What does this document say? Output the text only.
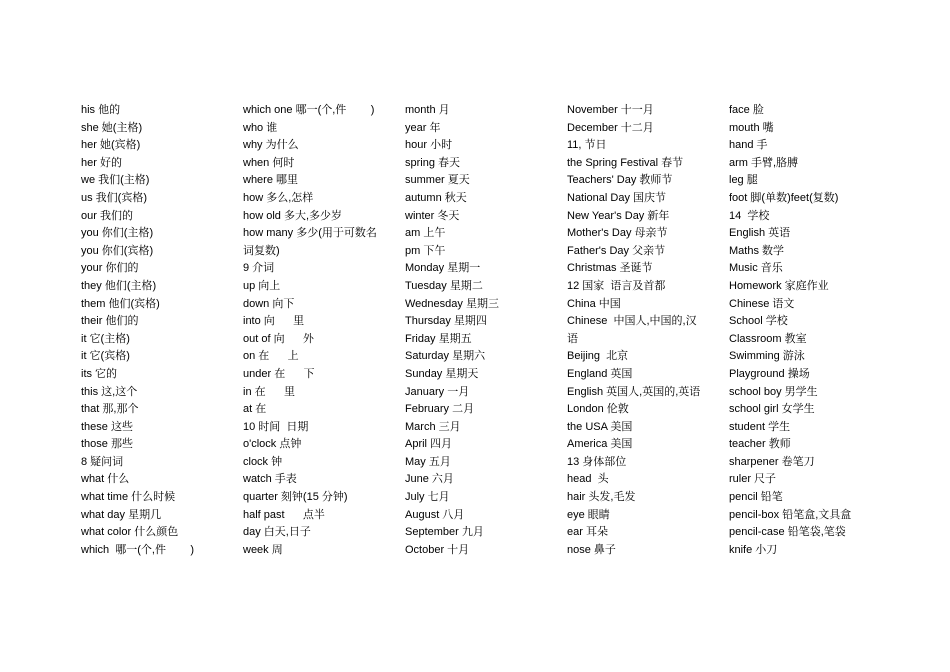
his 他的
she 她(主格)
her 她(宾格)
her 好的
we 我们(主格)
us 我们(宾格)
our 我们的
you 你们(主格)
you 你们(宾格)
your 你们的
they 他们(主格)
them 他们(宾格)
their 他们的
it 它(主格)
it 它(宾格)
its 它的
this 这,这个
that 那,那个
these 这些
those 那些
8 疑问词
what 什么
what time 什么时候
what day 星期几
what color 什么颜色
which  哪一(个,件        )
which one 哪一(个,件        )
who 谁
why 为什么
when 何时
where 哪里
how 多么,怎样
how old 多大,多少岁
how many 多少(用于可数名
词复数)
9 介词
up 向上
down 向下
into 向      里
out of 向      外
on 在      上
under 在      下
in 在      里
at 在
10 时间  日期
o'clock 点钟
clock 钟
watch 手表
quarter 刻钟(15 分钟)
half past      点半
day 白天,日子
week 周
month 月
year 年
hour 小时
spring 春天
summer 夏天
autumn 秋天
winter 冬天
am 上午
pm 下午
Monday 星期一
Tuesday 星期二
Wednesday 星期三
Thursday 星期四
Friday 星期五
Saturday 星期六
Sunday 星期天
January 一月
February 二月
March 三月
April 四月
May 五月
June 六月
July 七月
August 八月
September 九月
October 十月
November 十一月
December 十二月
11, 节日
the Spring Festival 春节
Teachers' Day 教师节
National Day 国庆节
New Year's Day 新年
Mother's Day 母亲节
Father's Day 父亲节
Christmas 圣诞节
12 国家  语言及首都
China 中国
Chinese  中国人,中国的,汉
语
Beijing  北京
England 英国
English 英国人,英国的,英语
London 伦敦
the USA 美国
America 美国
13 身体部位
head  头
hair 头发,毛发
eye 眼睛
ear 耳朵
nose 鼻子
face 脸
mouth 嘴
hand 手
arm 手臂,胳膊
leg 腿
foot 脚(单数)feet(复数)
14  学校
English 英语
Maths 数学
Music 音乐
Homework 家庭作业
Chinese 语文
School 学校
Classroom 教室
Swimming 游泳
Playground 操场
school boy 男学生
school girl 女学生
student 学生
teacher 教师
sharpener 卷笔刀
ruler 尺子
pencil 铅笔
pencil-box 铅笔盒,文具盒
pencil-case 铅笔袋,笔袋
knife 小刀
